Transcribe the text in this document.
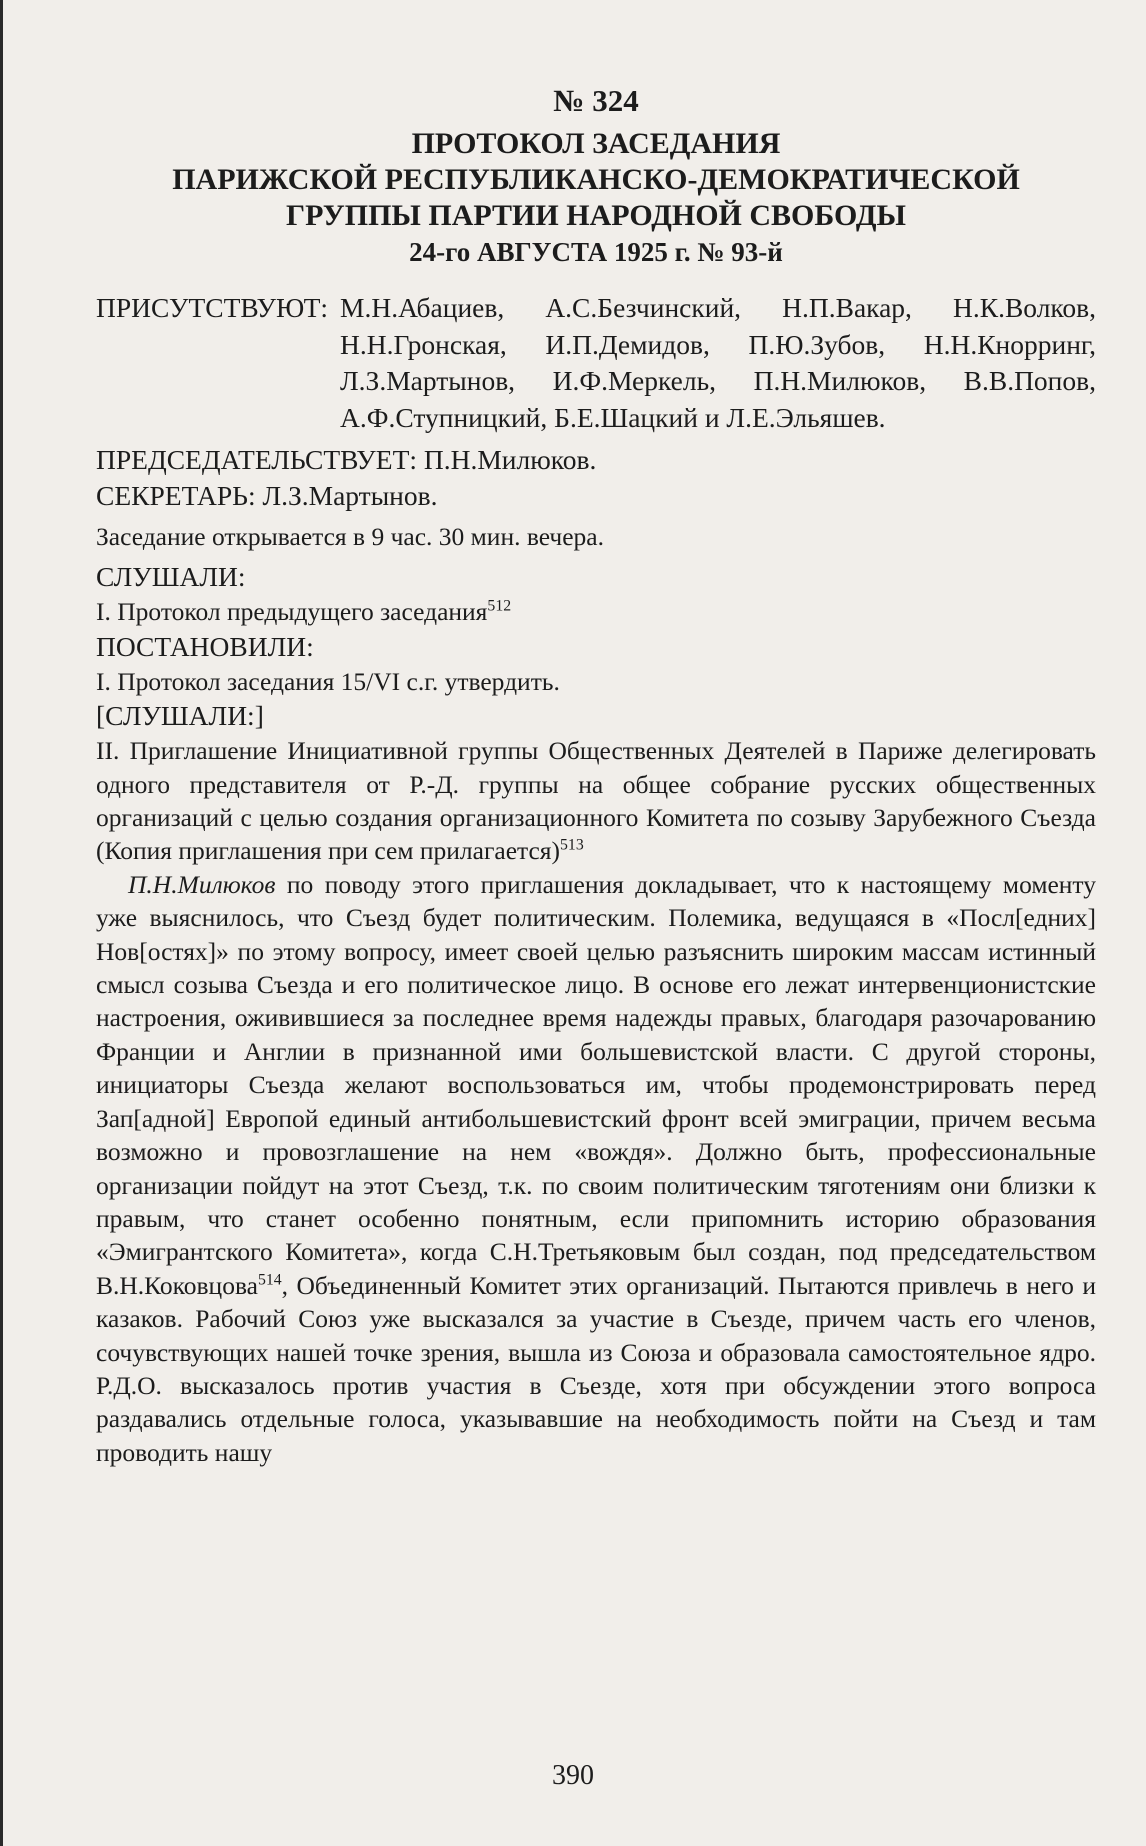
№ 324
ПРОТОКОЛ ЗАСЕДАНИЯ
ПАРИЖСКОЙ РЕСПУБЛИКАНСКО-ДЕМОКРАТИЧЕСКОЙ
ГРУППЫ ПАРТИИ НАРОДНОЙ СВОБОДЫ
24-го АВГУСТА 1925 г. № 93-й
ПРИСУТСТВУЮТ: М.Н.Абациев, А.С.Безчинский, Н.П.Вакар, Н.К.Волков, Н.Н.Гронская, И.П.Демидов, П.Ю.Зубов, Н.Н.Кнорринг, Л.З.Мартынов, И.Ф.Меркель, П.Н.Милюков, В.В.Попов, А.Ф.Ступницкий, Б.Е.Шацкий и Л.Е.Эльяшев.
ПРЕДСЕДАТЕЛЬСТВУЕТ: П.Н.Милюков.
СЕКРЕТАРЬ: Л.З.Мартынов.

Заседание открывается в 9 час. 30 мин. вечера.

СЛУШАЛИ:

I. Протокол предыдущего заседания$^{512}$

ПОСТАНОВИЛИ:

I. Протокол заседания 15/VI с.г. утвердить.

[СЛУШАЛИ:]

II. Приглашение Инициативной группы Общественных Деятелей в Париже делегировать одного представителя от Р.-Д. группы на общее собрание русских общественных организаций с целью создания организационного Комитета по созыву Зарубежного Съезда (Копия приглашения при сем прилагается)$^{513}$

П.Н.Милюков по поводу этого приглашения докладывает, что к настоящему моменту уже выяснилось, что Съезд будет политическим. Полемика, ведущаяся в «Посл[едних] Нов[остях]» по этому вопросу, имеет своей целью разъяснить широким массам истинный смысл созыва Съезда и его политическое лицо. В основе его лежат интервенционистские настроения, оживившиеся за последнее время надежды правых, благодаря разочарованию Франции и Англии в признанной ими большевистской власти. С другой стороны, инициаторы Съезда желают воспользоваться им, чтобы продемонстрировать перед Зап[адной] Европой единый антибольшевистский фронт всей эмиграции, причем весьма возможно и провозглашение на нем «вождя». Должно быть, профессиональные организации пойдут на этот Съезд, т.к. по своим политическим тяготениям они близки к правым, что станет особенно понятным, если припомнить историю образования «Эмигрантского Комитета», когда С.Н.Третьяковым был создан, под председательством В.Н.Коковцова$^{514}$, Объединенный Комитет этих организаций. Пытаются привлечь в него и казаков. Рабочий Союз уже высказался за участие в Съезде, причем часть его членов, сочувствующих нашей точке зрения, вышла из Союза и образовала самостоятельное ядро. Р.Д.О. высказалось против участия в Съезде, хотя при обсуждении этого вопроса раздавались отдельные голоса, указывавшие на необходимость пойти на Съезд и там проводить нашу

390
